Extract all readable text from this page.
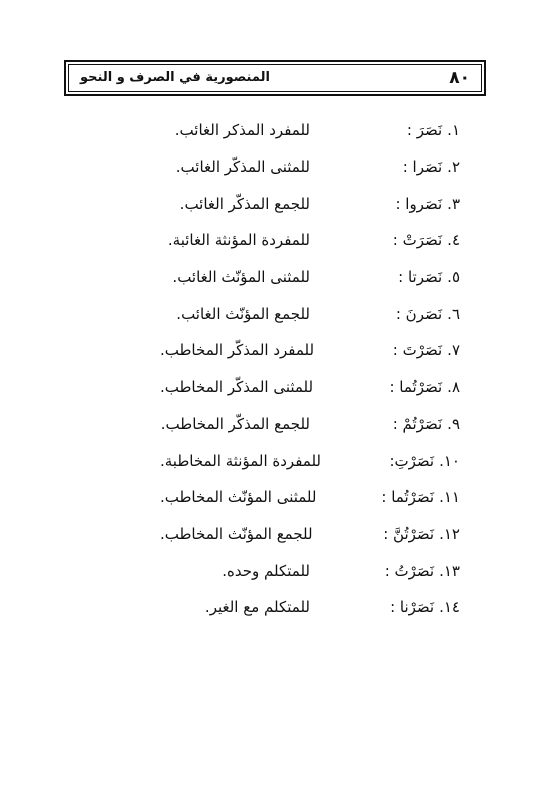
٨٠
المنصورية في الصرف و النحو
١.نَصَرَ :
للمفرد المذكر الغائب.
٢.نَصَرا :
للمثنى المذكّر الغائب.
٣.نَصَروا :
للجمع المذكّر الغائب.
٤.نَصَرَتْ :
للمفردة المؤنثة الغائبة.
٥.نَصَرتا :
للمثنى المؤنّث الغائب.
٦.نَصَرنَ :
للجمع المؤنّث الغائب.
٧.نَصَرْتَ :
للمفرد المذكّر المخاطب.
٨.نَصَرْتُما :
للمثنى المذكّر المخاطب.
٩.نَصَرْتُمْ :
للجمع المذكّر المخاطب.
١٠.نَصَرْتِ:
للمفردة المؤنثة المخاطبة.
١١.نَصَرْتُما :
للمثنى المؤنّث المخاطب.
١٢.نَصَرْتُنَّ :
للجمع المؤنّث المخاطب.
١٣.نَصَرْتُ :
للمتكلم وحده.
١٤.نَصَرْنا :
للمتكلم مع الغير.
